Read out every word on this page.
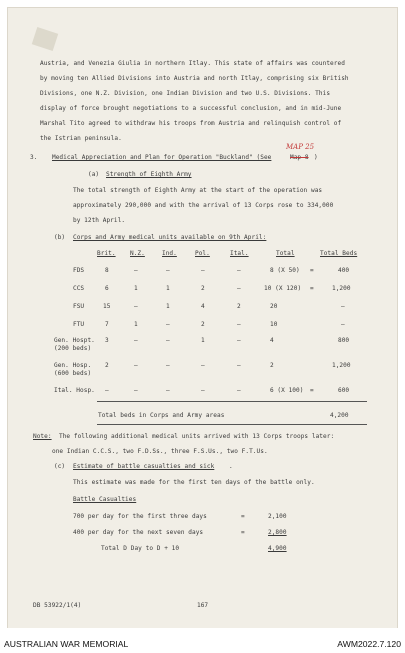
Austria, and Venezia Giulia in northern Itlay. This state of affairs was countered
by moving ten Allied Divisions into Austria and north Itlay, comprising six British
Divisions, one N.Z. Division, one Indian Division and two U.S. Divisions. This
display of force brought negotiations to a successful conclusion, and in mid-June
Marshal Tito agreed to withdraw his troops from Austria and relinquish control of
the Istrian peninsula.
3. Medical Appreciation and Plan for Operation "Buckland" (See	Map 8 )
MAP 25
(a) Strength of Eighth Army
The total strength of Eighth Army at the start of the operation was
approximately 290,000 and with the arrival of 13 Corps rose to 334,000
by 12th April.
(b) Corps and Army medical units available on 9th April:
Brit. N.Z.	Ind.	Pol.	Ital.	Total	Total Beds
FDS	8	–	–	–	–	8 (X 50) =	400
CCS	6	1	1	2	–	10 (X 120) =	1,200
FSU	15	–	1	4	2	20	–
FTU	7	1	–	2	–	10	–
Gen. Hospt.
(200 beds)
3	–	–	1	–	4	800
Gen. Hosp.
(600 beds)
2	–	–	–	–	2	1,200
Ital. Hosp. –	–	–	–	–	6 (X 100) =	600
Total beds in Corps and Army areas	4,200
Note: The following additional medical units arrived with 13 Corps troops later:
one Indian C.C.S., two F.D.Ss., three F.S.Us., two F.T.Us.
(c) Estimate of battle casualties and sick .
This estimate was made for the first ten days of the battle only.
Battle Casualties
700 per day for the first three days	=	2,100
400 per day for the next seven days	=	2,800
Total D Day to D + 10	4,900
DB 53922/1(4)	167
AUSTRALIAN WAR MEMORIAL	AWM2022.7.120
